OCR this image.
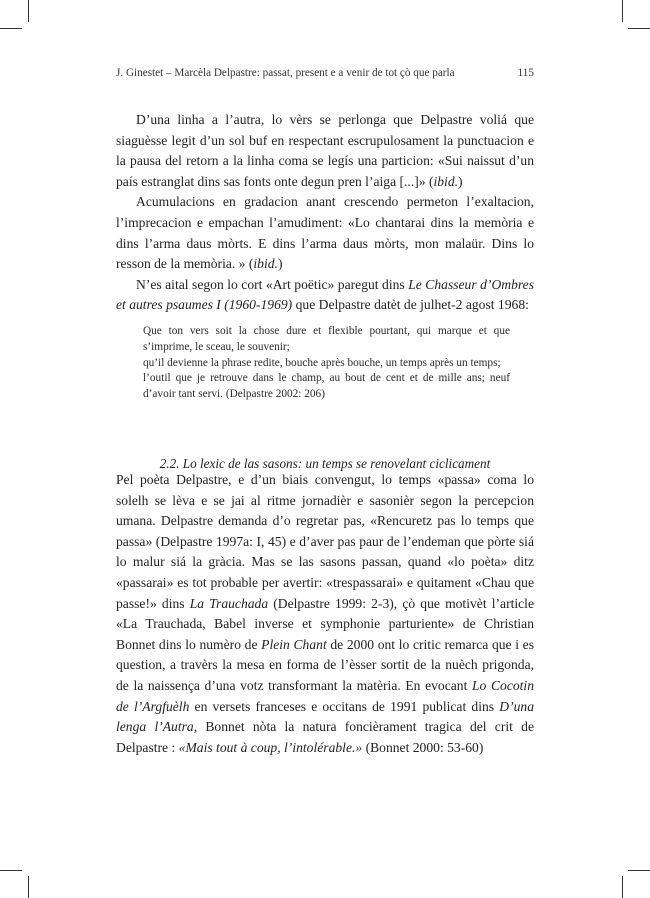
J. Ginestet – Marcèla Delpastre: passat, present e a venir de tot çò que parla	115

D’una linha a l’autra, lo vèrs se perlonga que Delpastre voliá que siaguèsse legit d’un sol buf en respectant escrupulosament la punctuacion e la pausa del retorn a la linha coma se legís una particion: «Sui naissut d’un país estranglat dins sas fonts onte degun pren l’aiga [...]» (ibid.)

Acumulacions en gradacion anant crescendo permeton l’exaltacion, l’imprecacion e empachan l’amudiment: «Lo chantarai dins la memòria e dins l’arma daus mòrts. E dins l’arma daus mòrts, mon malaür. Dins lo resson de la memòria. » (ibid.)

N’es aital segon lo cort «Art poëtic» paregut dins Le Chasseur d’Ombres et autres psaumes I (1960-1969) que Delpastre datèt de julhet-2 agost 1968:

Que ton vers soit la chose dure et flexible pourtant, qui marque et que s’imprime, le sceau, le souvenir;

qu’il devienne la phrase redite, bouche après bouche, un temps après un temps;

l’outil que je retrouve dans le champ, au bout de cent et de mille ans; neuf d’avoir tant servi. (Delpastre 2002: 206)

2.2. Lo lexic de las sasons: un temps se renovelant ciclicament

Pel poèta Delpastre, e d’un biais convengut, lo temps «passa» coma lo solelh se lèva e se jai al ritme jornadièr e sasonièr segon la percepcion umana. Delpastre demanda d’o regretar pas, «Rencuretz pas lo temps que passa» (Delpastre 1997a: I, 45) e d’aver pas paur de l’endeman que pòrte siá lo malur siá la gràcia. Mas se las sasons passan, quand «lo poèta» ditz «passarai» es tot probable per avertir: «trespassarai» e quitament «Chau que passe!» dins La Trauchada (Delpastre 1999: 2-3), çò que motivèt l’article «La Trauchada, Babel inverse et symphonie parturiente» de Christian Bonnet dins lo numèro de Plein Chant de 2000 ont lo critic remarca que i es question, a travèrs la mesa en forma de l’èsser sortit de la nuèch prigonda, de la naissença d’una votz transformant la matèria. En evocant Lo Cocotin de l’Argfuèlh en versets franceses e occitans de 1991 publicat dins D’una lenga l’Autra, Bonnet nòta la natura foncièrament tragica del crit de Delpastre : «Mais tout à coup, l’intolérable.» (Bonnet 2000: 53-60)
